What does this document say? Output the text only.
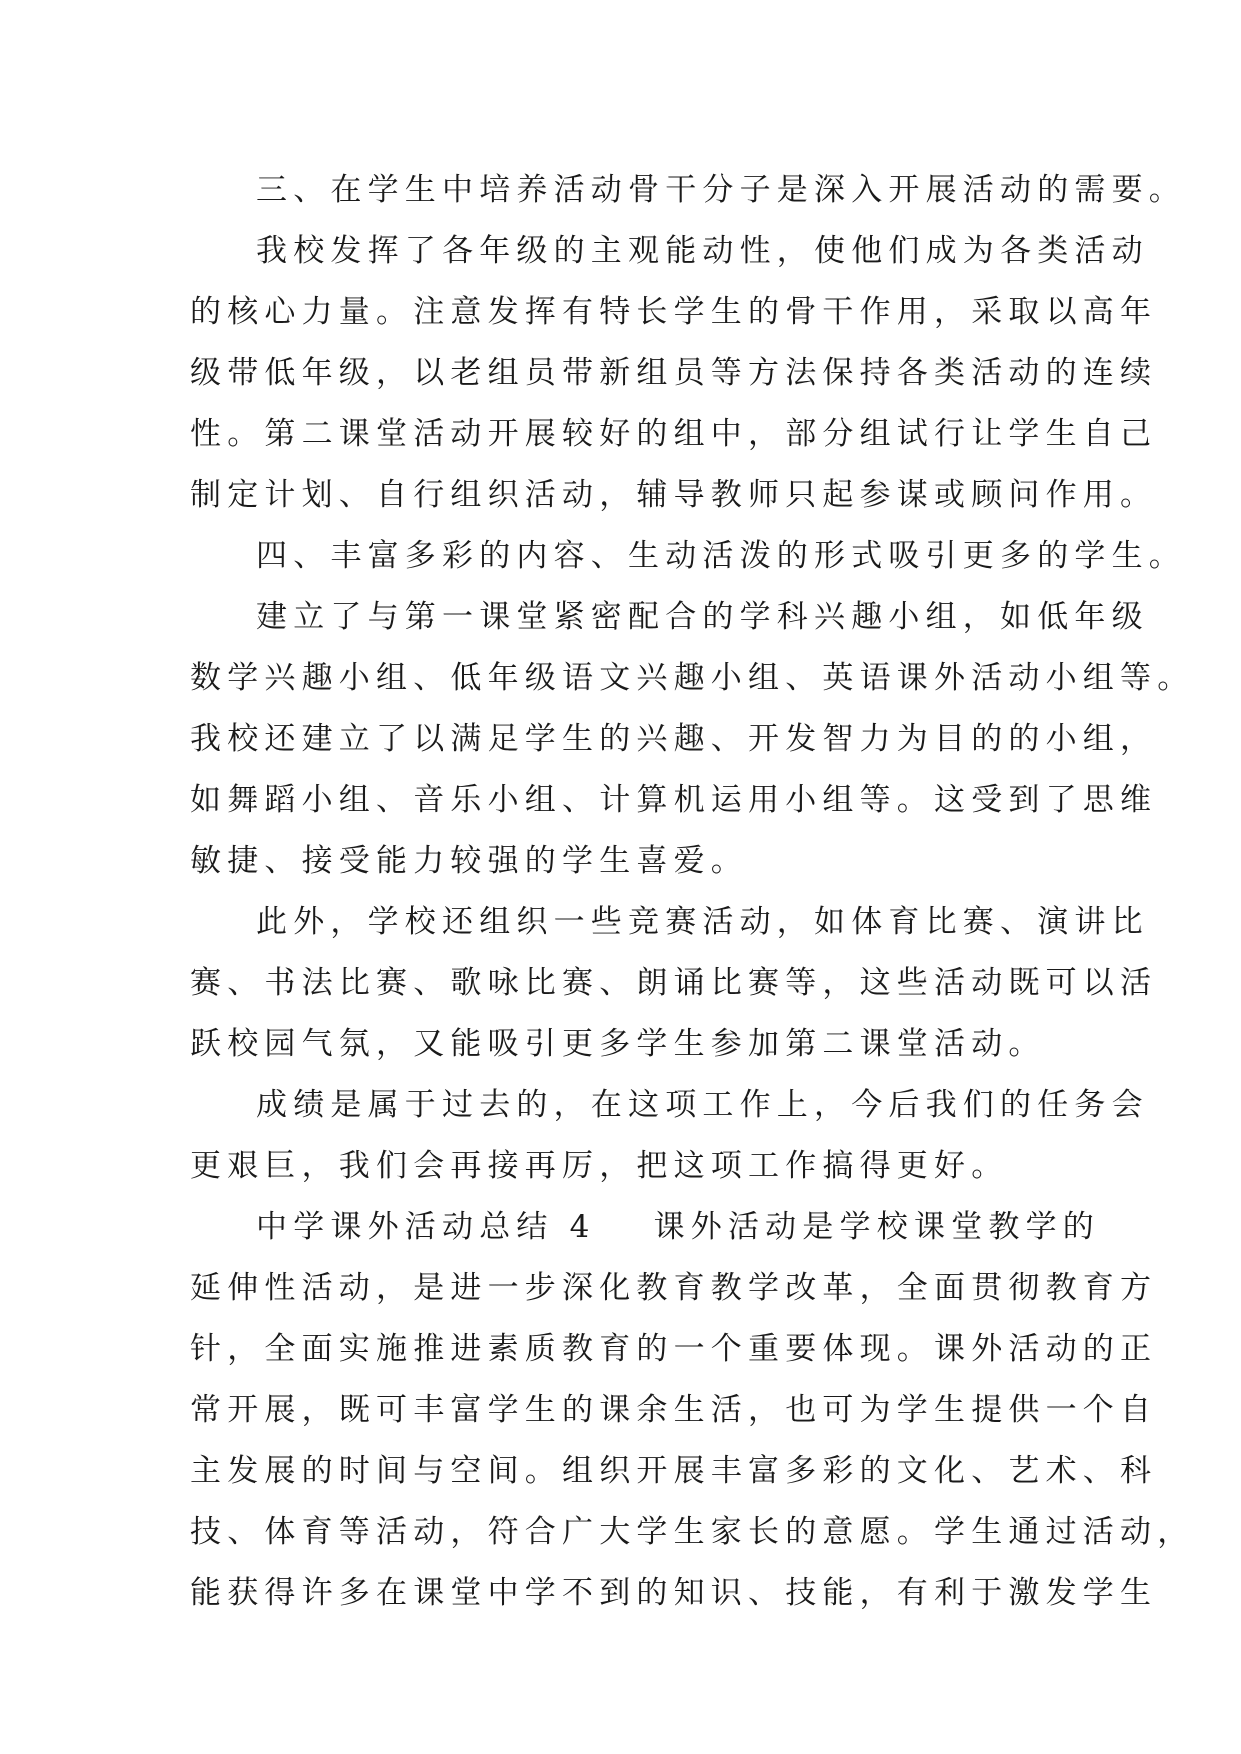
三、在学生中培养活动骨干分子是深入开展活动的需要。
我校发挥了各年级的主观能动性，使他们成为各类活动
的核心力量。注意发挥有特长学生的骨干作用，采取以高年
级带低年级，以老组员带新组员等方法保持各类活动的连续
性。第二课堂活动开展较好的组中，部分组试行让学生自己
制定计划、自行组织活动，辅导教师只起参谋或顾问作用。
四、丰富多彩的内容、生动活泼的形式吸引更多的学生。
建立了与第一课堂紧密配合的学科兴趣小组，如低年级
数学兴趣小组、低年级语文兴趣小组、英语课外活动小组等。
我校还建立了以满足学生的兴趣、开发智力为目的的小组，
如舞蹈小组、音乐小组、计算机运用小组等。这受到了思维
敏捷、接受能力较强的学生喜爱。
此外，学校还组织一些竞赛活动，如体育比赛、演讲比
赛、书法比赛、歌咏比赛、朗诵比赛等，这些活动既可以活
跃校园气氛，又能吸引更多学生参加第二课堂活动。
成绩是属于过去的，在这项工作上，今后我们的任务会
更艰巨，我们会再接再厉，把这项工作搞得更好。
中学课外活动总结 4 课外活动是学校课堂教学的
延伸性活动，是进一步深化教育教学改革，全面贯彻教育方
针，全面实施推进素质教育的一个重要体现。课外活动的正
常开展，既可丰富学生的课余生活，也可为学生提供一个自
主发展的时间与空间。组织开展丰富多彩的文化、艺术、科
技、体育等活动，符合广大学生家长的意愿。学生通过活动，
能获得许多在课堂中学不到的知识、技能，有利于激发学生
